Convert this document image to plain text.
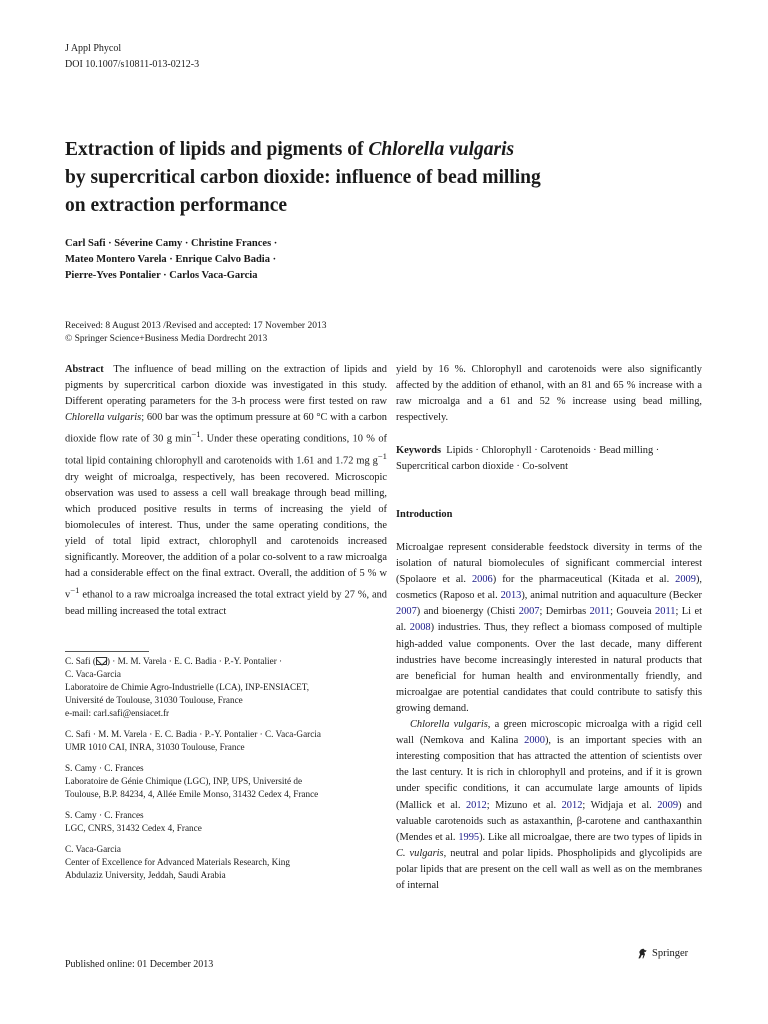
J Appl Phycol
DOI 10.1007/s10811-013-0212-3
Extraction of lipids and pigments of Chlorella vulgaris
by supercritical carbon dioxide: influence of bead milling
on extraction performance
Carl Safi · Séverine Camy · Christine Frances ·
Mateo Montero Varela · Enrique Calvo Badia ·
Pierre-Yves Pontalier · Carlos Vaca-Garcia
Received: 8 August 2013 /Revised and accepted: 17 November 2013
© Springer Science+Business Media Dordrecht 2013

Abstract The influence of bead milling on the extraction of lipids and pigments by supercritical carbon dioxide was investigated in this study. Different operating parameters for the 3-h process were first tested on raw Chlorella vulgaris; 600 bar was the optimum pressure at 60 °C with a carbon dioxide flow rate of 30 g $\min^{-1}$. Under these operating conditions, 10 % of total lipid containing chlorophyll and carotenoids with 1.61 and 1.72 mg $g^{-1}$ dry weight of microalga, respectively, has been recovered. Microscopic observation was used to assess a cell wall breakage through bead milling, which produced positive results in terms of increasing the yield of biomolecules of interest. Thus, under the same operating conditions, the yield of total lipid extract, chlorophyll and carotenoids increased significantly. Moreover, the addition of a polar co-solvent to a raw microalga had a considerable effect on the final extract. Overall, the addition of 5 % w $v^{-1}$ ethanol to a raw microalga increased the total extract yield by 27 %, and bead milling increased the total extract

yield by 16 %. Chlorophyll and carotenoids were also significantly affected by the addition of ethanol, with an 81 and 65 % increase with a raw microalga and a 61 and 52 % increase using bead milling, respectively.

Keywords Lipids · Chlorophyll · Carotenoids · Bead milling · Supercritical carbon dioxide · Co-solvent
Introduction

Microalgae represent considerable feedstock diversity in terms of the isolation of natural biomolecules of significant commercial interest (Spolaore et al. 2006) for the pharmaceutical (Kitada et al. 2009), cosmetics (Raposo et al. 2013), animal nutrition and aquaculture (Becker 2007) and bioenergy (Chisti 2007; Demirbas 2011; Gouveia 2011; Li et al. 2008) industries. Thus, they reflect a biomass composed of multiple high-added value components. Over the last decade, many different industries have become increasingly interested in natural products that are beneficial for human health and environmentally friendly, and microalgae are potential candidates that could contribute to satisfy this growing demand.

Chlorella vulgaris, a green microscopic microalga with a rigid cell wall (Nemkova and Kalina 2000), is an important species with an interesting composition that has attracted the attention of scientists over the last century. It is rich in chlorophyll and proteins, and if it is grown under specific conditions, it can accumulate large amounts of lipids (Mallick et al. 2012; Mizuno et al. 2012; Widjaja et al. 2009) and valuable carotenoids such as astaxanthin, β-carotene and canthaxanthin (Mendes et al. 1995). Like all microalgae, there are two types of lipids in C. vulgaris, neutral and polar lipids. Phospholipids and glycolipids are polar lipids that are present on the cell wall as well as on the membranes of internal

C. Safi ( ) · M. M. Varela · E. C. Badia · P.-Y. Pontalier ·
C. Vaca-Garcia
Laboratoire de Chimie Agro-Industrielle (LCA), INP-ENSIACET,
Université de Toulouse, 31030 Toulouse, France
e-mail: carl.safi@ensiacet.fr
C. Safi · M. M. Varela · E. C. Badia · P.-Y. Pontalier · C. Vaca-Garcia
UMR 1010 CAI, INRA, 31030 Toulouse, France
S. Camy · C. Frances
Laboratoire de Génie Chimique (LGC), INP, UPS, Université de
Toulouse, B.P. 84234, 4, Allée Emile Monso, 31432 Cedex 4, France
S. Camy · C. Frances
LGC, CNRS, 31432 Cedex 4, France
C. Vaca-Garcia
Center of Excellence for Advanced Materials Research, King
Abdulaziz University, Jeddah, Saudi Arabia
Published online: 01 December 2013
Springer
